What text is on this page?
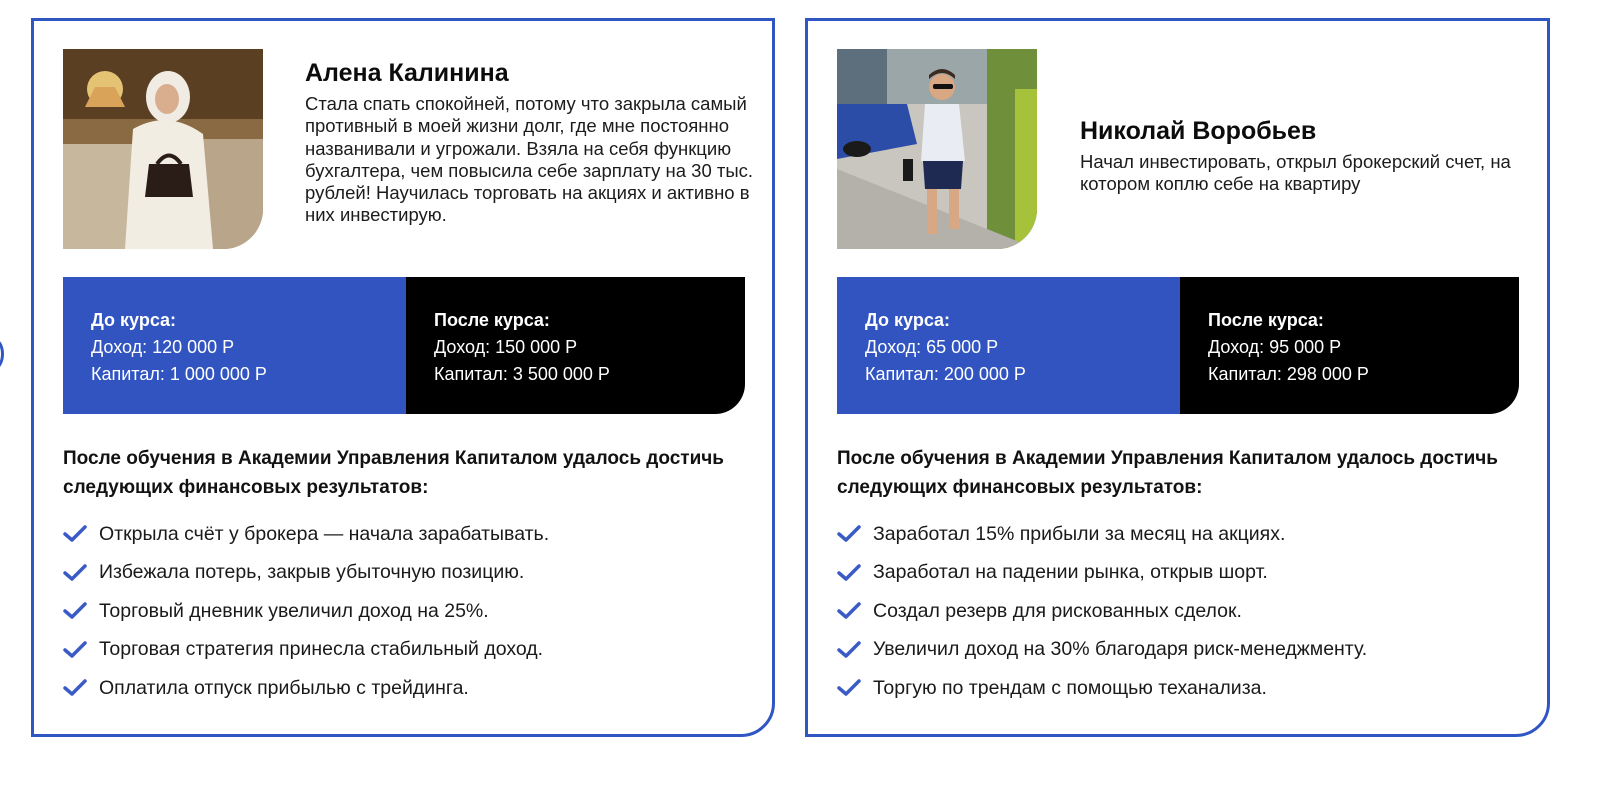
Алена Калинина

Стала спать спокойней, потому что закрыла самый противный в моей жизни долг, где мне постоянно названивали и угрожали. Взяла на себя функцию бухгалтера, чем повысила себе зарплату на 30 тыс. рублей! Научилась торговать на акциях и активно в них инвестирую.

До курса:
Доход: 120 000 Р
Капитал: 1 000 000 Р
После курса:
Доход: 150 000 Р
Капитал: 3 500 000 Р

После обучения в Академии Управления Капиталом удалось достичь следующих финансовых результатов:

Открыла счёт у брокера — начала зарабатывать.
Избежала потерь, закрыв убыточную позицию.
Торговый дневник увеличил доход на 25%.
Торговая стратегия принесла стабильный доход.
Оплатила отпуск прибылью с трейдинга.
Николай Воробьев

Начал инвестировать, открыл брокерский счет, на котором коплю себе на квартиру

До курса:
Доход: 65 000 Р
Капитал: 200 000 Р
После курса:
Доход: 95 000 Р
Капитал: 298 000 Р

После обучения в Академии Управления Капиталом удалось достичь следующих финансовых результатов:

Заработал 15% прибыли за месяц на акциях.
Заработал на падении рынка, открыв шорт.
Создал резерв для рискованных сделок.
Увеличил доход на 30% благодаря риск-менеджменту.
Торгую по трендам с помощью теханализа.
